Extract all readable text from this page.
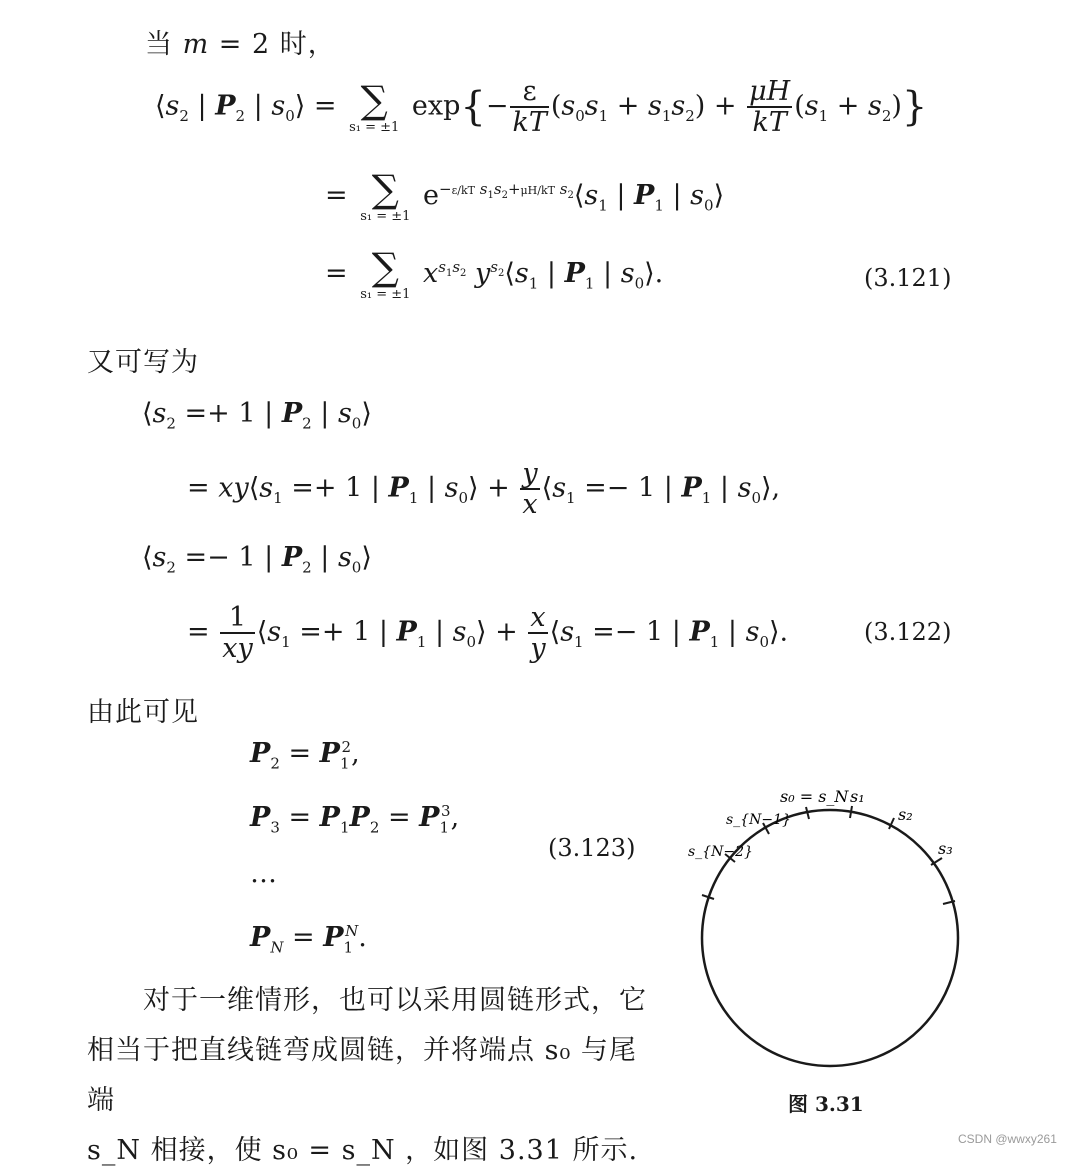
当 m = 2 时，
$⟨s_2$ | $P_2$ | $s_0⟩$ = ∑
s₁ = ±1
$\exp\{- \frac{\varepsilon}{kT} (s_0s_1 + s_1s_2) + \frac{\mu H}{kT} (s_1 + s_2)\}$
= ∑
s₁ = ±1
$e^{-\varepsilon/kT s_1s_2+\mu H/kT s_2}⟨s_1$ | $P_1$ | $s_0⟩$
= ∑
s₁ = ±1
$x^{s_1s_2}$ $y^{s_2}⟨s_1$ | $P_1$ | $s_0⟩$.	(3.121)
又可写为
$⟨s_2 =+ 1$ | $P_2$ | $s_0⟩$
= $xy⟨s_1 =+ 1$ | $P_1$ | $s_0⟩ + \frac{y}{x}$ $⟨s_1 =- 1$ | $P_1$ | $s_0⟩$,
$⟨s_2 =- 1$ | $P_2$ | $s_0⟩$
= $\frac{1}{xy}$ $⟨s_1 =+ 1$ | $P_1$ | $s_0⟩ + \frac{x}{y}$ $⟨s_1 =- 1$ | $P_1$ | $s_0⟩$.	(3.122)
由此可见
$P_2 = P_1^2$,
$P_3 = P_1P_2 = P_1^3$,
…
$P_N = P_1^N$.
(3.123)
对于一维情形，也可以采用圆链形式，它
相当于把直线链弯成圆链，并将端点 s₀ 与尾端
s_N 相接，使 s₀ = s_N ，如图 3.31 所示.
s₀ = s_N s₁
s₂
s₃
s_{N−1}
s_{N−2}
图 3.31
CSDN @wwxy261
